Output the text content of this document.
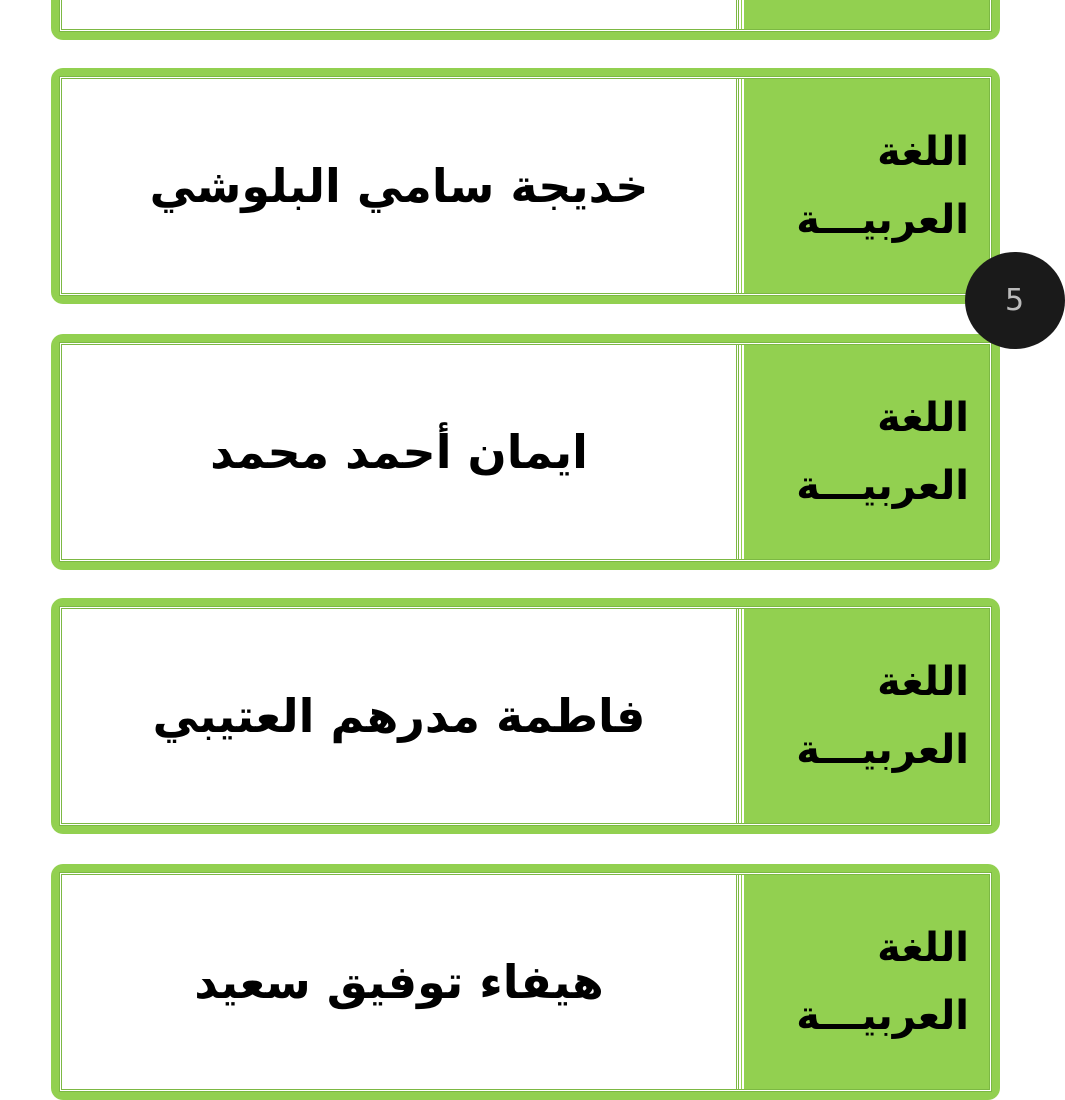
خديجة سامي البلوشي
اللغة
العربيـــة
ايمان أحمد محمد
اللغة
العربيـــة
فاطمة مدرهم العتيبي
اللغة
العربيـــة
هيفاء توفيق سعيد
اللغة
العربيـــة
5
